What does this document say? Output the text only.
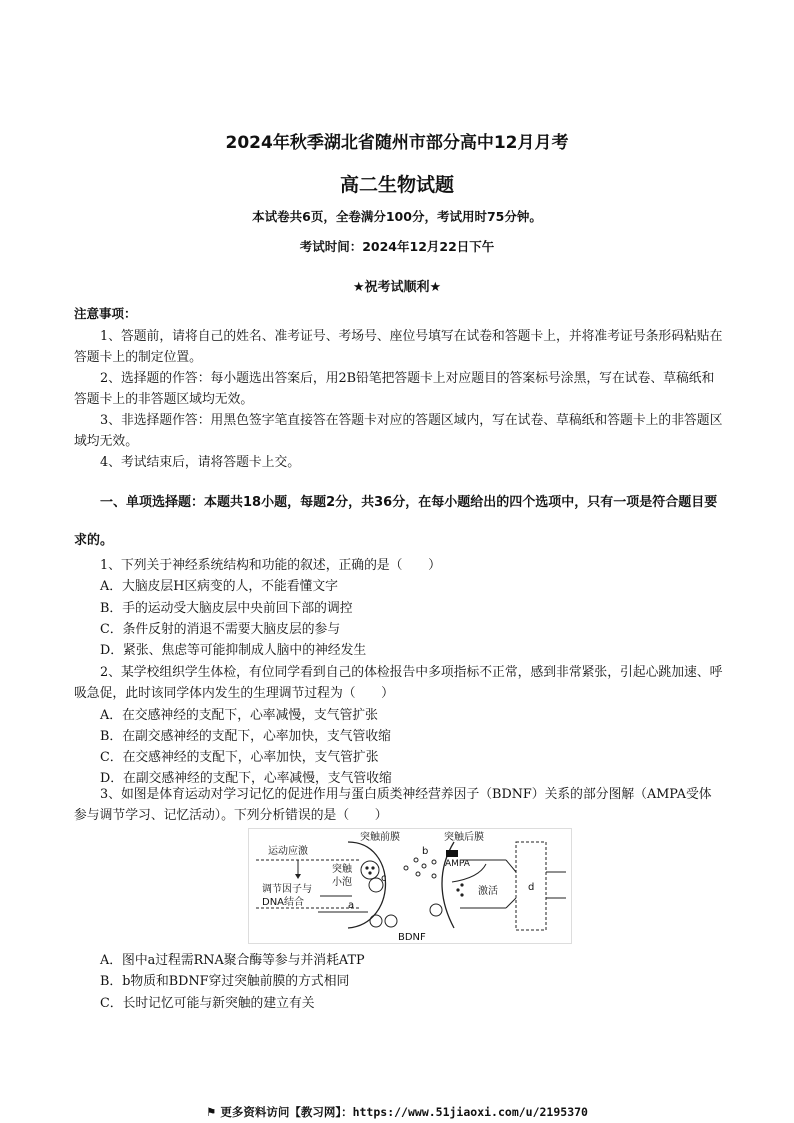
2024年秋季湖北省随州市部分高中12月月考
高二生物试题
本试卷共6页，全卷满分100分，考试用时75分钟。
考试时间：2024年12月22日下午
★祝考试顺利★
注意事项：

1、答题前，请将自己的姓名、准考证号、考场号、座位号填写在试卷和答题卡上，并将准考证号条形码粘贴在答题卡上的制定位置。

2、选择题的作答：每小题选出答案后，用2B铅笔把答题卡上对应题目的答案标号涂黑，写在试卷、草稿纸和答题卡上的非答题区域均无效。

3、非选择题作答：用黑色签字笔直接答在答题卡对应的答题区域内，写在试卷、草稿纸和答题卡上的非答题区域均无效。

4、考试结束后，请将答题卡上交。

一、单项选择题：本题共18小题，每题2分，共36分，在每小题给出的四个选项中，只有一项是符合题目要求的。

1、下列关于神经系统结构和功能的叙述，正确的是（　　）

A．大脑皮层H区病变的人，不能看懂文字

B．手的运动受大脑皮层中央前回下部的调控

C．条件反射的消退不需要大脑皮层的参与

D．紧张、焦虑等可能抑制成人脑中的神经发生

2、某学校组织学生体检，有位同学看到自己的体检报告中多项指标不正常，感到非常紧张，引起心跳加速、呼吸急促，此时该同学体内发生的生理调节过程为（　　）

A．在交感神经的支配下，心率减慢，支气管扩张

B．在副交感神经的支配下，心率加快，支气管收缩

C．在交感神经的支配下，心率加快，支气管扩张

D．在副交感神经的支配下，心率减慢，支气管收缩

3、如图是体育运动对学习记忆的促进作用与蛋白质类神经营养因子（BDNF）关系的部分图解（AMPA受体参与调节学习、记忆活动）。下列分析错误的是（　　）

运动应激
调节因子与
DNA结合	a
突触
小泡	c
突触前膜
b
BDNF
突触后膜
AMPA
激活	d

A．图中a过程需RNA聚合酶等参与并消耗ATP

B．b物质和BDNF穿过突触前膜的方式相同

C．长时记忆可能与新突触的建立有关

⚑ 更多资料访问【教习网】：https://www.51jiaoxi.com/u/2195370
